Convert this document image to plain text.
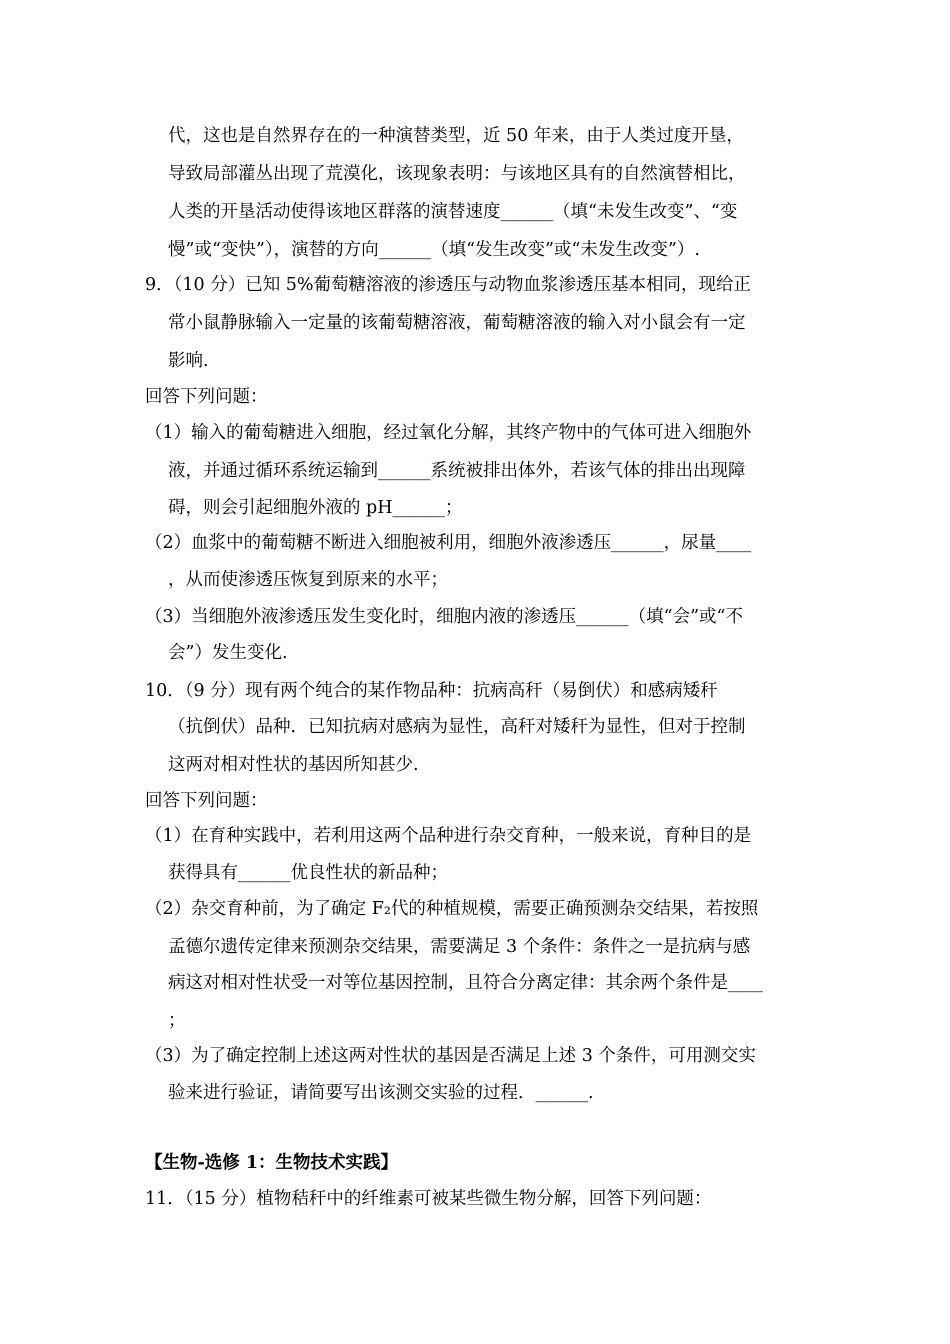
代，这也是自然界存在的一种演替类型，近 50 年来，由于人类过度开垦，
导致局部灌丛出现了荒漠化，该现象表明：与该地区具有的自然演替相比，
人类的开垦活动使得该地区群落的演替速度______（填“未发生改变”、“变
慢”或“变快”），演替的方向______（填“发生改变”或“未发生改变”）.
9．（10 分）已知 5%葡萄糖溶液的渗透压与动物血浆渗透压基本相同，现给正
常小鼠静脉输入一定量的该葡萄糖溶液，葡萄糖溶液的输入对小鼠会有一定
影响.
回答下列问题：
（1）输入的葡萄糖进入细胞，经过氧化分解，其终产物中的气体可进入细胞外
液，并通过循环系统运输到______系统被排出体外，若该气体的排出出现障
碍，则会引起细胞外液的 pH______；
（2）血浆中的葡萄糖不断进入细胞被利用，细胞外液渗透压______，尿量____
，从而使渗透压恢复到原来的水平；
（3）当细胞外液渗透压发生变化时，细胞内液的渗透压______（填“会”或“不
会”）发生变化.
10．（9 分）现有两个纯合的某作物品种：抗病高秆（易倒伏）和感病矮秆
（抗倒伏）品种．已知抗病对感病为显性，高秆对矮秆为显性，但对于控制
这两对相对性状的基因所知甚少.
回答下列问题：
（1）在育种实践中，若利用这两个品种进行杂交育种，一般来说，育种目的是
获得具有______优良性状的新品种；
（2）杂交育种前，为了确定 F₂代的种植规模，需要正确预测杂交结果，若按照
孟德尔遗传定律来预测杂交结果，需要满足 3 个条件：条件之一是抗病与感
病这对相对性状受一对等位基因控制，且符合分离定律：其余两个条件是____
；
（3）为了确定控制上述这两对性状的基因是否满足上述 3 个条件，可用测交实
验来进行验证，请简要写出该测交实验的过程．______.
【生物-选修 1：生物技术实践】
11．（15 分）植物秸秆中的纤维素可被某些微生物分解，回答下列问题：
